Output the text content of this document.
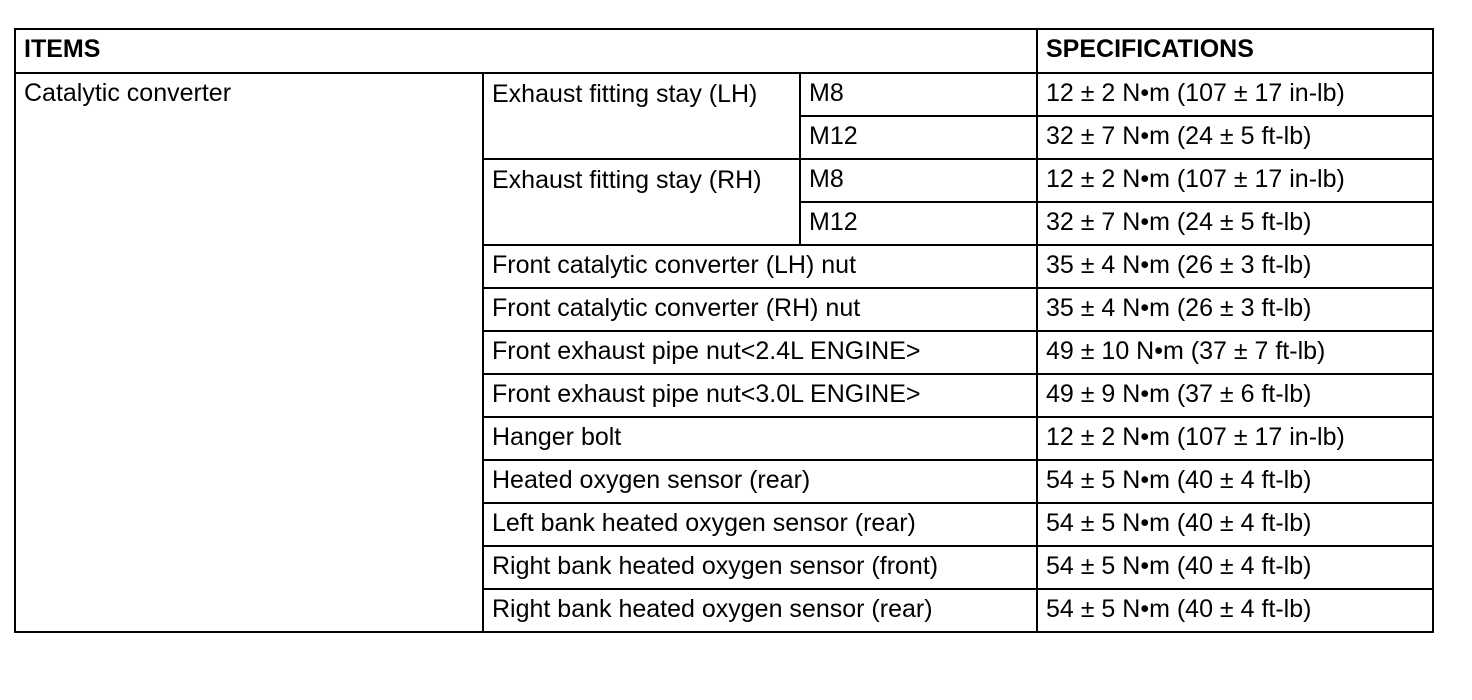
ITEMS			SPECIFICATIONS
Catalytic converter	Exhaust fitting stay (LH)	M8	12 ± 2 N•m (107 ± 17 in-lb)
		M12	32 ± 7 N•m (24 ± 5 ft-lb)
	Exhaust fitting stay (RH)	M8	12 ± 2 N•m (107 ± 17 in-lb)
		M12	32 ± 7 N•m (24 ± 5 ft-lb)
	Front catalytic converter (LH) nut		35 ± 4 N•m (26 ± 3 ft-lb)
	Front catalytic converter (RH) nut		35 ± 4 N•m (26 ± 3 ft-lb)
	Front exhaust pipe nut<2.4L ENGINE>		49 ± 10 N•m (37 ± 7 ft-lb)
	Front exhaust pipe nut<3.0L ENGINE>		49 ± 9 N•m (37 ± 6 ft-lb)
	Hanger bolt		12 ± 2 N•m (107 ± 17 in-lb)
	Heated oxygen sensor (rear)		54 ± 5 N•m (40 ± 4 ft-lb)
	Left bank heated oxygen sensor (rear)		54 ± 5 N•m (40 ± 4 ft-lb)
	Right bank heated oxygen sensor (front)		54 ± 5 N•m (40 ± 4 ft-lb)
	Right bank heated oxygen sensor (rear)		54 ± 5 N•m (40 ± 4 ft-lb)
